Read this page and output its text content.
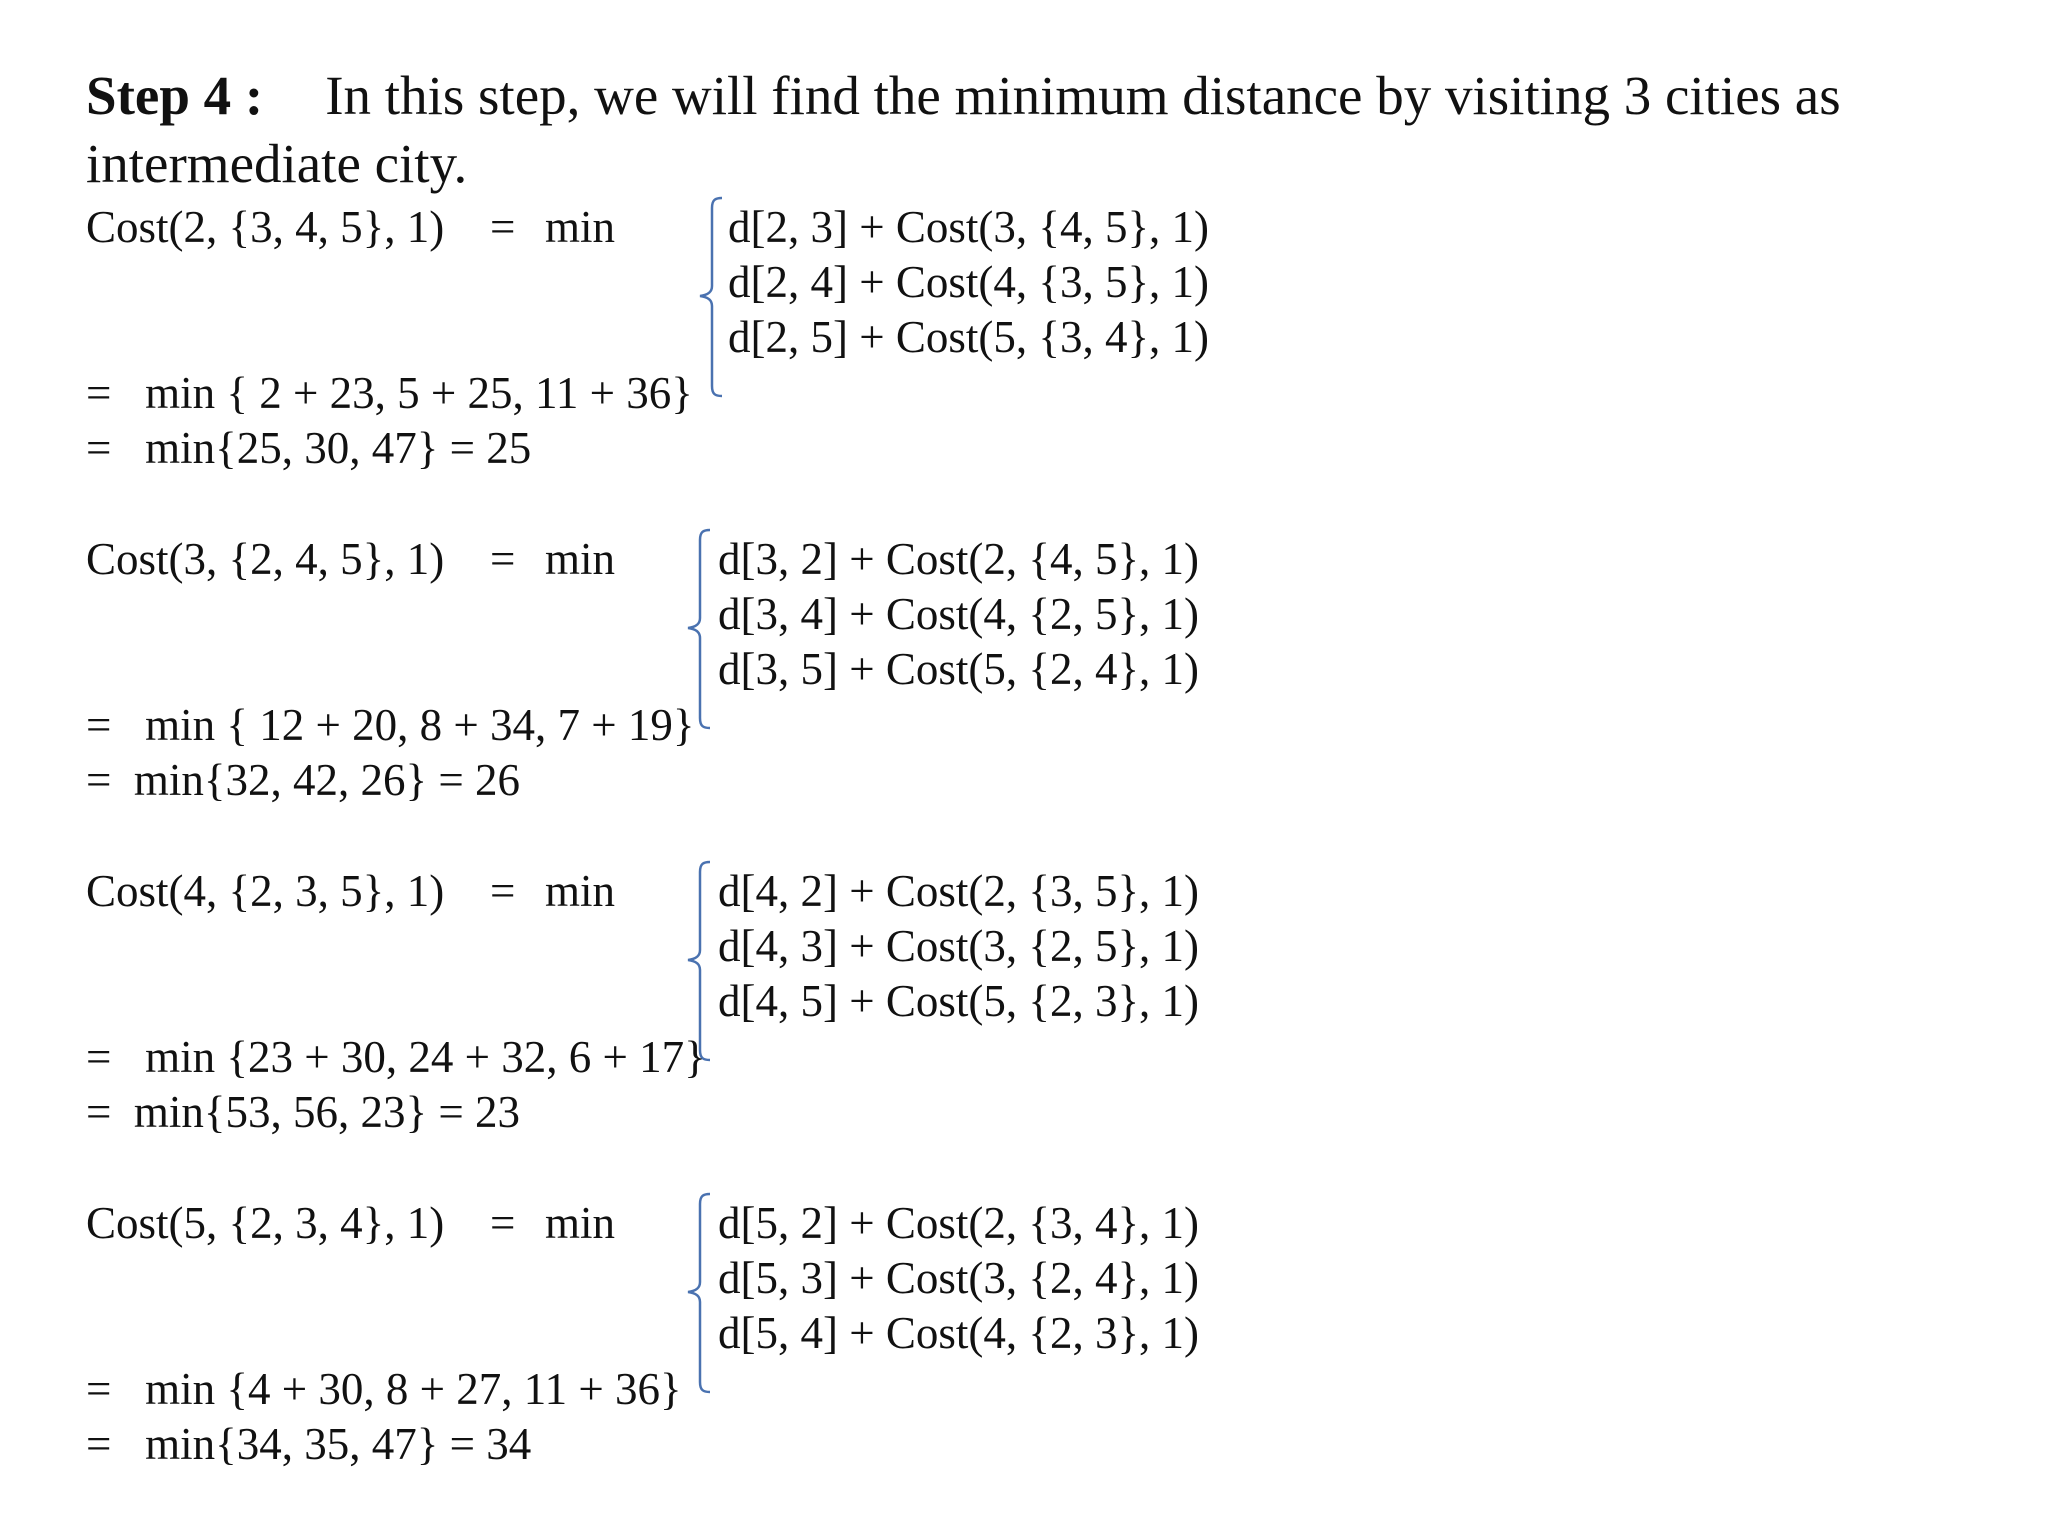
Step 4 : In this step, we will find the minimum distance by visiting 3 cities as intermediate city.
Cost(2, {3, 4, 5}, 1) = min	d[2, 3] + Cost(3, {4, 5}, 1)
d[2, 4] + Cost(4, {3, 5}, 1)
d[2, 5] + Cost(5, {3, 4}, 1)
=   min { 2 + 23, 5 + 25, 11 + 36}
=   min{25, 30, 47} = 25
Cost(3, {2, 4, 5}, 1) = min d[3, 2] + Cost(2, {4, 5}, 1)
d[3, 4] + Cost(4, {2, 5}, 1)
d[3, 5] + Cost(5, {2, 4}, 1)
=   min { 12 + 20, 8 + 34, 7 + 19}
=  min{32, 42, 26} = 26
Cost(4, {2, 3, 5}, 1) = min d[4, 2] + Cost(2, {3, 5}, 1)
d[4, 3] + Cost(3, {2, 5}, 1)
d[4, 5] + Cost(5, {2, 3}, 1)
=   min {23 + 30, 24 + 32, 6 + 17}
=  min{53, 56, 23} = 23
Cost(5, {2, 3, 4}, 1) = min d[5, 2] + Cost(2, {3, 4}, 1)
d[5, 3] + Cost(3, {2, 4}, 1)
d[5, 4] + Cost(4, {2, 3}, 1)
=   min {4 + 30, 8 + 27, 11 + 36}
=   min{34, 35, 47} = 34
